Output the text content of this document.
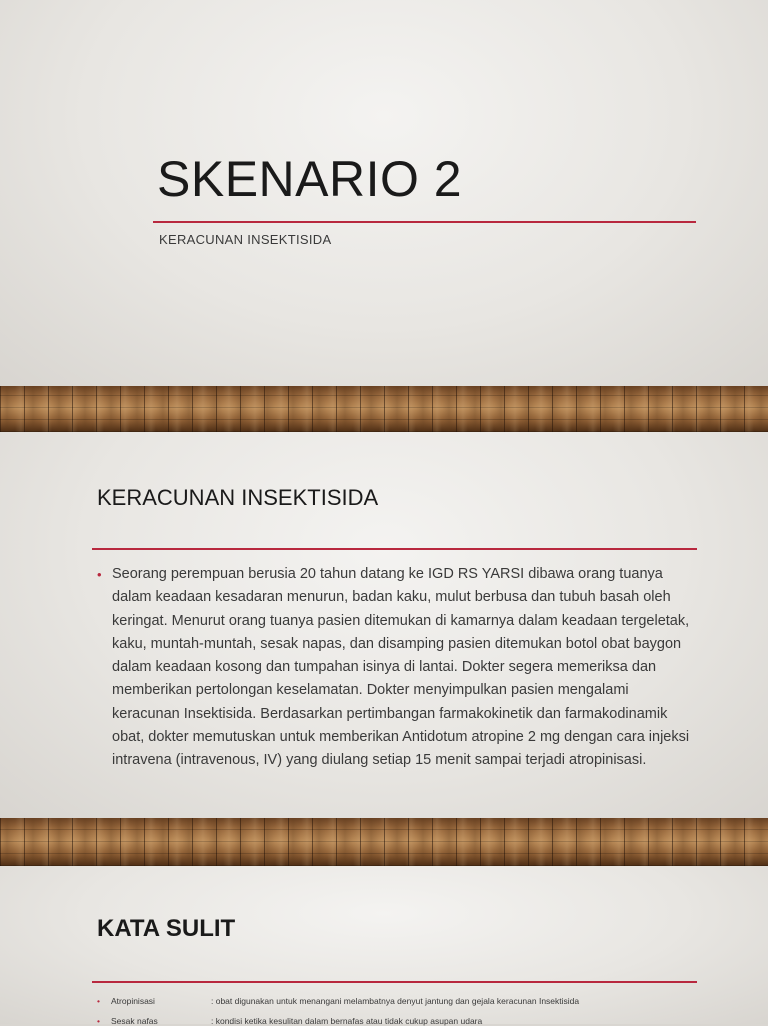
SKENARIO 2

KERACUNAN INSEKTISIDA

KERACUNAN INSEKTISIDA
• Seorang perempuan berusia 20 tahun datang ke IGD RS YARSI dibawa orang tuanya dalam keadaan kesadaran menurun, badan kaku, mulut berbusa dan tubuh basah oleh keringat. Menurut orang tuanya pasien ditemukan di kamarnya dalam keadaan tergeletak, kaku, muntah-muntah, sesak napas, dan disamping pasien ditemukan botol obat baygon dalam keadaan kosong dan tumpahan isinya di lantai. Dokter segera memeriksa dan memberikan pertolongan keselamatan. Dokter menyimpulkan pasien mengalami keracunan Insektisida. Berdasarkan pertimbangan farmakokinetik dan farmakodinamik obat, dokter memutuskan untuk memberikan Antidotum atropine 2 mg dengan cara injeksi intravena (intravenous, IV) yang diulang setiap 15 menit sampai terjadi atropinisasi.
KATA SULIT
• Atropinisasi	: obat digunakan untuk menangani melambatnya denyut jantung dan gejala keracunan Insektisida
• Sesak nafas	: kondisi ketika kesulitan dalam bernafas atau tidak cukup asupan udara
